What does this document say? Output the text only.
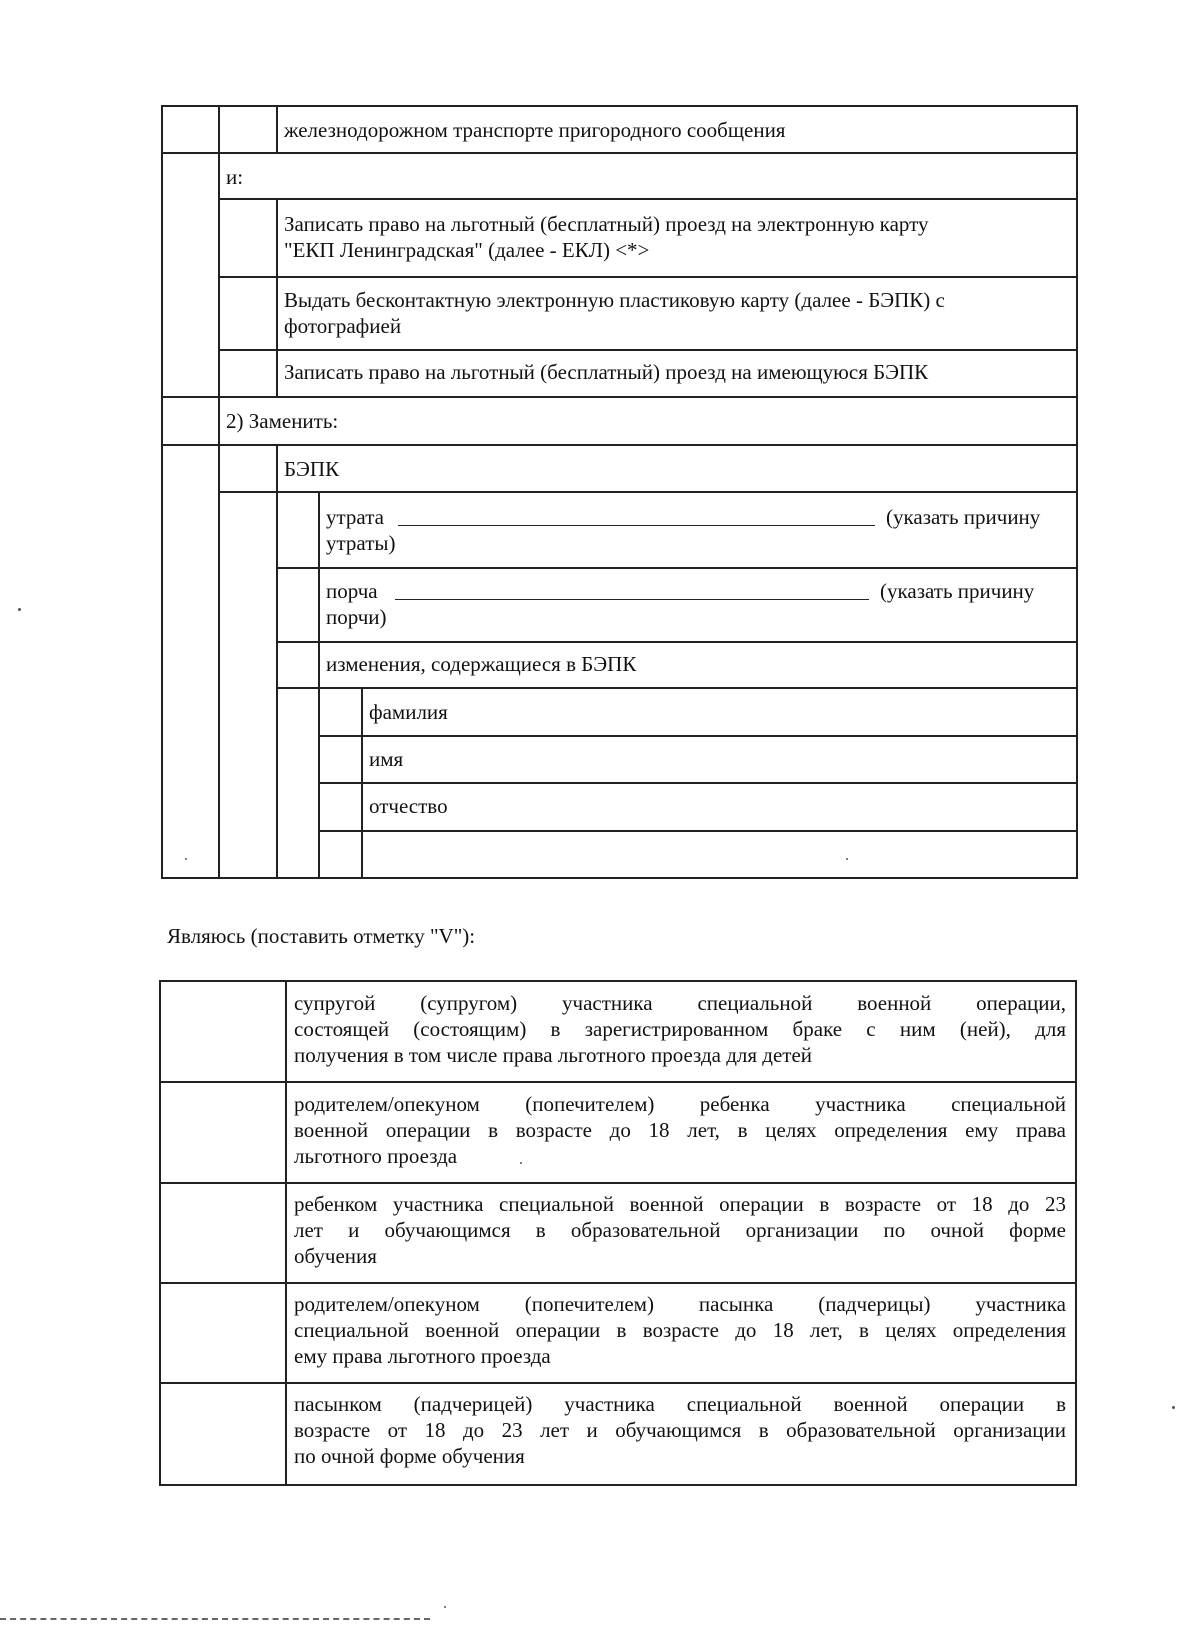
железнодорожном транспорте пригородного сообщения
и:
Записать право на льготный (бесплатный) проезд на электронную карту
"ЕКП Ленинградская" (далее - ЕКЛ) <*>
Выдать бесконтактную электронную пластиковую карту (далее - БЭПК) с
фотографией
Записать право на льготный (бесплатный) проезд на имеющуюся БЭПК
2) Заменить:
БЭПК
утрата	(указать причину
утраты)
порча	(указать причину
порчи)
изменения, содержащиеся в БЭПК
фамилия
имя
отчество
Являюсь (поставить отметку "V"):
супругой (супругом) участника специальной военной операции,
состоящей (состоящим) в зарегистрированном браке с ним (ней), для
получения в том числе права льготного проезда для детей
родителем/опекуном (попечителем) ребенка участника специальной
военной операции в возрасте до 18 лет, в целях определения ему права
льготного проезда
ребенком участника специальной военной операции в возрасте от 18 до 23
лет и обучающимся в образовательной организации по очной форме
обучения
родителем/опекуном (попечителем) пасынка (падчерицы) участника
специальной военной операции в возрасте до 18 лет, в целях определения
ему права льготного проезда
пасынком (падчерицей) участника специальной военной операции в
возрасте от 18 до 23 лет и обучающимся в образовательной организации
по очной форме обучения
